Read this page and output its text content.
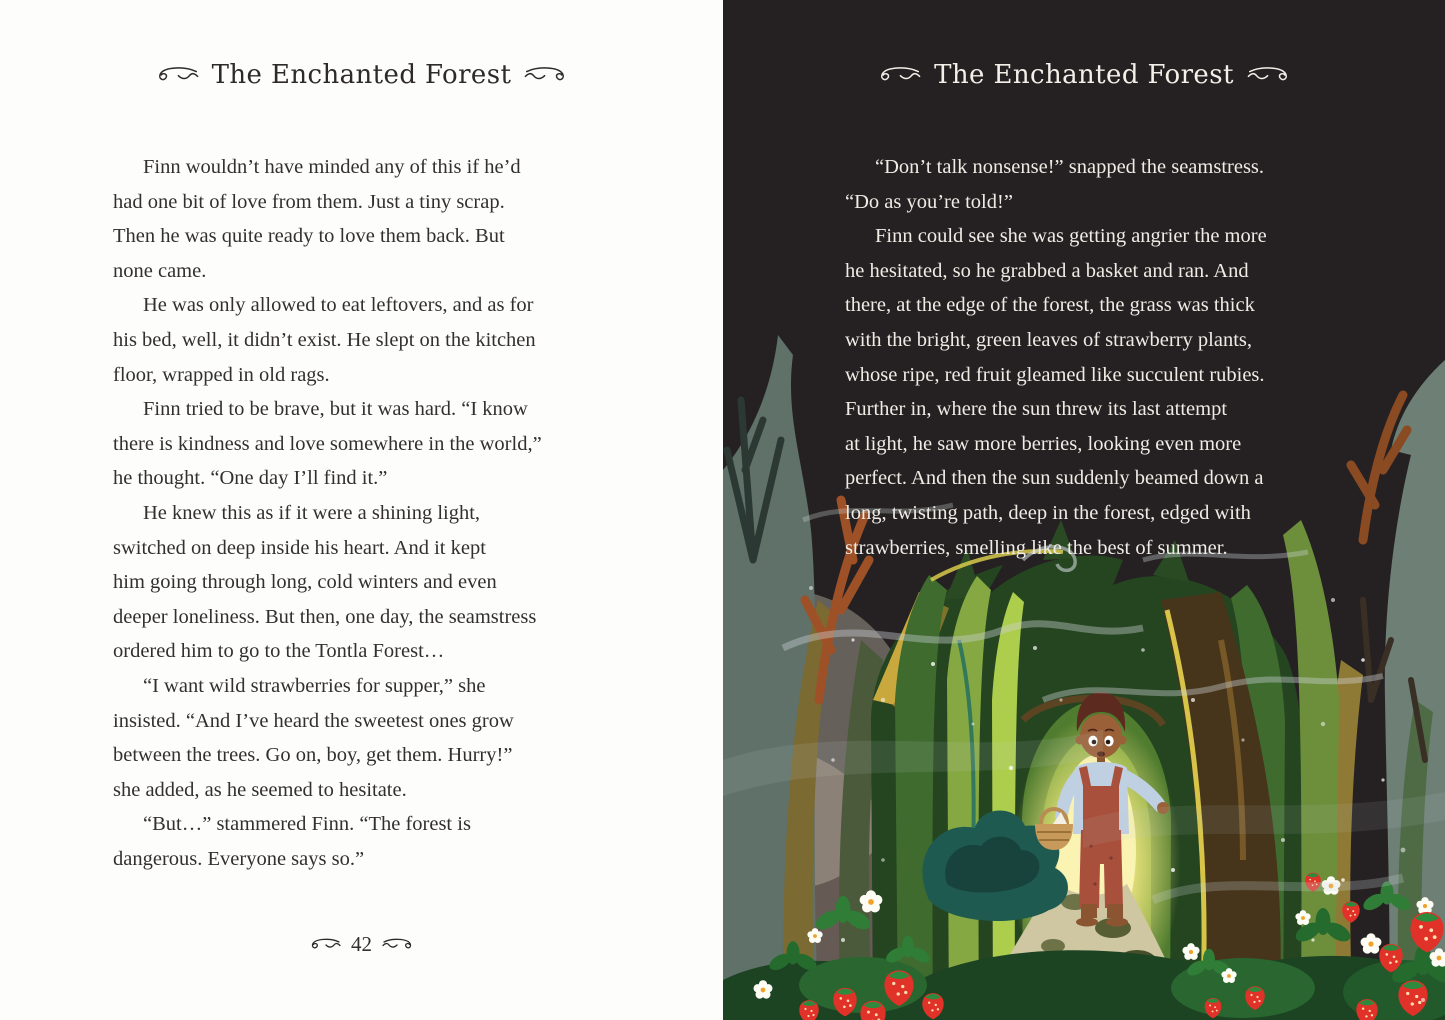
The Enchanted Forest
Finn wouldn’t have minded any of this if he’d
had one bit of love from them. Just a tiny scrap.
Then he was quite ready to love them back. But
none came.
He was only allowed to eat leftovers, and as for
his bed, well, it didn’t exist. He slept on the kitchen
floor, wrapped in old rags.
Finn tried to be brave, but it was hard. “I know
there is kindness and love somewhere in the world,”
he thought. “One day I’ll find it.”
He knew this as if it were a shining light,
switched on deep inside his heart. And it kept
him going through long, cold winters and even
deeper loneliness. But then, one day, the seamstress
ordered him to go to the Tontla Forest…
“I want wild strawberries for supper,” she
insisted. “And I’ve heard the sweetest ones grow
between the trees. Go on, boy, get them. Hurry!”
she added, as he seemed to hesitate.
“But…” stammered Finn. “The forest is
dangerous. Everyone says so.”
42
The Enchanted Forest
“Don’t talk nonsense!” snapped the seamstress.
“Do as you’re told!”
Finn could see she was getting angrier the more
he hesitated, so he grabbed a basket and ran. And
there, at the edge of the forest, the grass was thick
with the bright, green leaves of strawberry plants,
whose ripe, red fruit gleamed like succulent rubies.
Further in, where the sun threw its last attempt
at light, he saw more berries, looking even more
perfect. And then the sun suddenly beamed down a
long, twisting path, deep in the forest, edged with
strawberries, smelling like the best of summer.
